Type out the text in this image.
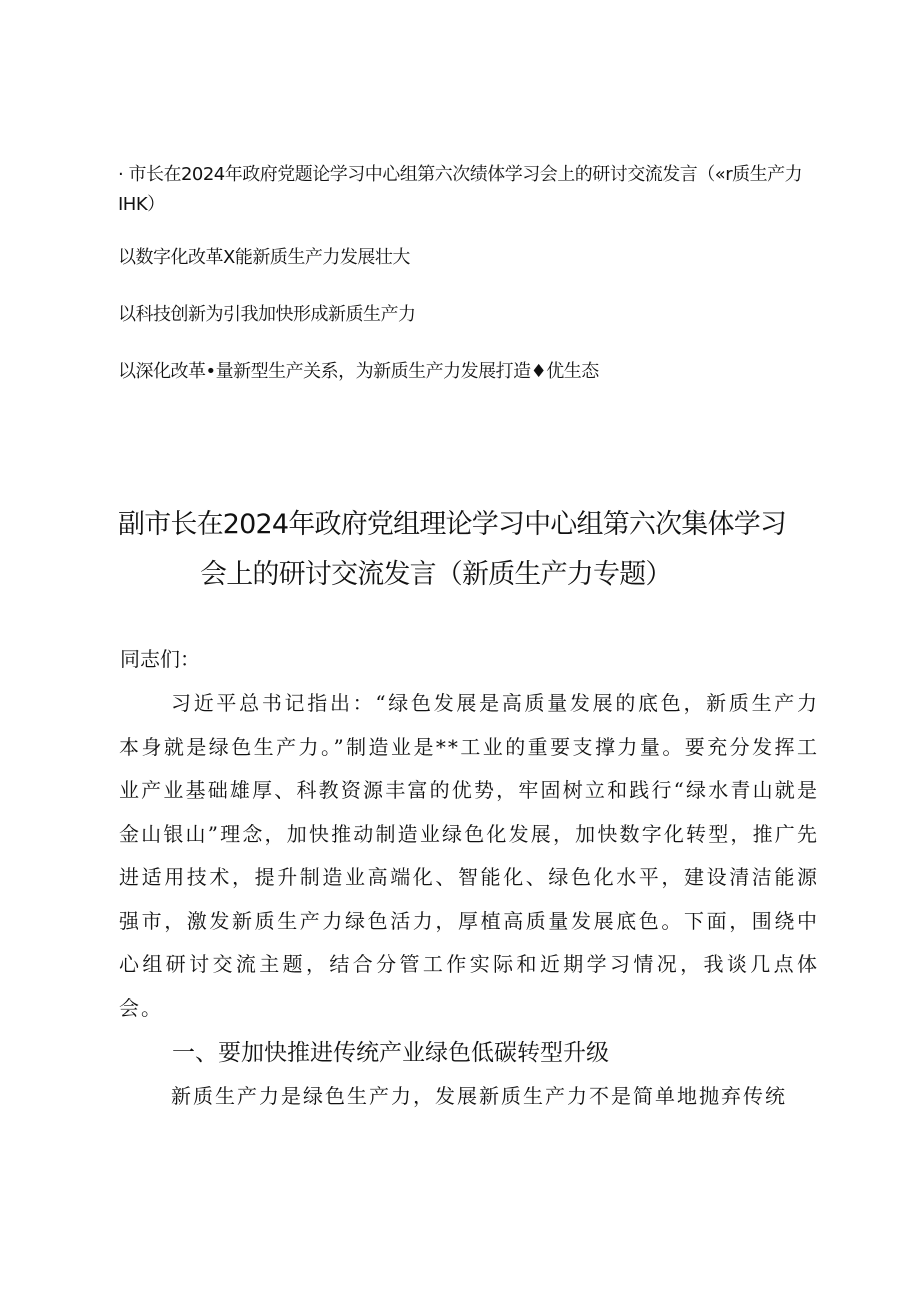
· 市长在2024年政府党题论学习中心组第六次绩体学习会上的研讨交流发言（«r质生产力IHK）
以数字化改革X能新质生产力发展壮大
以科技创新为引我加快形成新质生产力
以深化改革•量新型生产关系，为新质生产力发展打造♦优生态
副市长在2024年政府党组理论学习中心组第六次集体学习
会上的研讨交流发言（新质生产力专题）
同志们：
习近平总书记指出：“绿色发展是高质量发展的底色，新质生产力本身就是绿色生产力。”制造业是**工业的重要支撑力量。要充分发挥工业产业基础雄厚、科教资源丰富的优势，牢固树立和践行“绿水青山就是金山银山”理念，加快推动制造业绿色化发展，加快数字化转型，推广先进适用技术，提升制造业高端化、智能化、绿色化水平，建设清洁能源强市，激发新质生产力绿色活力，厚植高质量发展底色。下面，围绕中心组研讨交流主题，结合分管工作实际和近期学习情况，我谈几点体会。
一、要加快推进传统产业绿色低碳转型升级
新质生产力是绿色生产力，发展新质生产力不是简单地抛弃传统
